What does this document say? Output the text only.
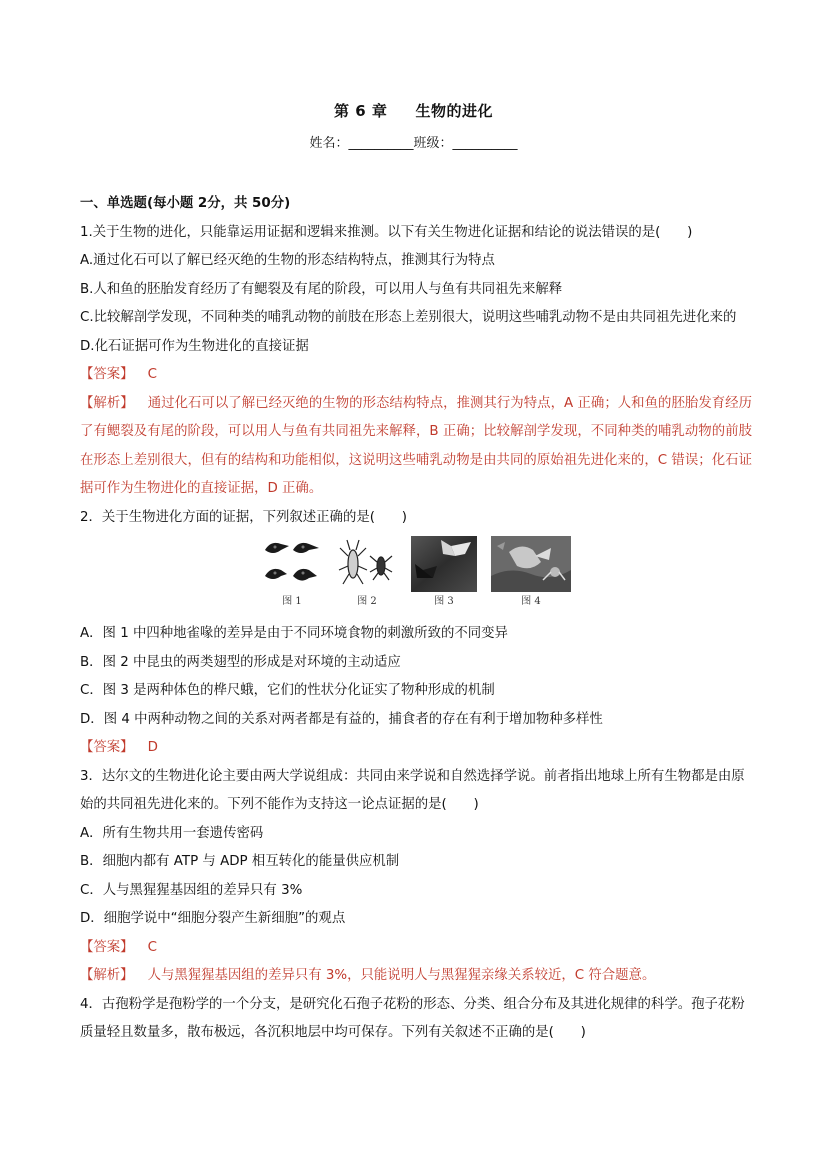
第 6 章 生物的进化
姓名：__________班级：__________
一、单选题(每小题 2分，共 50分)
1.关于生物的进化，只能靠运用证据和逻辑来推测。以下有关生物进化证据和结论的说法错误的是(　　)
A.通过化石可以了解已经灭绝的生物的形态结构特点，推测其行为特点
B.人和鱼的胚胎发育经历了有鳃裂及有尾的阶段，可以用人与鱼有共同祖先来解释
C.比较解剖学发现，不同种类的哺乳动物的前肢在形态上差别很大，说明这些哺乳动物不是由共同祖先进化来的
D.化石证据可作为生物进化的直接证据
【答案】 C
【解析】 通过化石可以了解已经灭绝的生物的形态结构特点，推测其行为特点，A 正确；人和鱼的胚胎发育经历了有鳃裂及有尾的阶段，可以用人与鱼有共同祖先来解释，B 正确；比较解剖学发现，不同种类的哺乳动物的前肢在形态上差别很大，但有的结构和功能相似，这说明这些哺乳动物是由共同的原始祖先进化来的，C 错误；化石证据可作为生物进化的直接证据，D 正确。
2．关于生物进化方面的证据，下列叙述正确的是(　　)
图 1	图 2	图 3	图 4
A．图 1 中四种地雀喙的差异是由于不同环境食物的刺激所致的不同变异
B．图 2 中昆虫的两类翅型的形成是对环境的主动适应
C．图 3 是两种体色的桦尺蛾，它们的性状分化证实了物种形成的机制
D．图 4 中两种动物之间的关系对两者都是有益的，捕食者的存在有利于增加物种多样性
【答案】 D
3．达尔文的生物进化论主要由两大学说组成：共同由来学说和自然选择学说。前者指出地球上所有生物都是由原始的共同祖先进化来的。下列不能作为支持这一论点证据的是(　　)
A．所有生物共用一套遗传密码
B．细胞内都有 ATP 与 ADP 相互转化的能量供应机制
C．人与黑猩猩基因组的差异只有 3%
D．细胞学说中“细胞分裂产生新细胞”的观点
【答案】 C
【解析】 人与黑猩猩基因组的差异只有 3%，只能说明人与黑猩猩亲缘关系较近，C 符合题意。
4．古孢粉学是孢粉学的一个分支，是研究化石孢子花粉的形态、分类、组合分布及其进化规律的科学。孢子花粉质量轻且数量多，散布极远，各沉积地层中均可保存。下列有关叙述不正确的是(　　)
